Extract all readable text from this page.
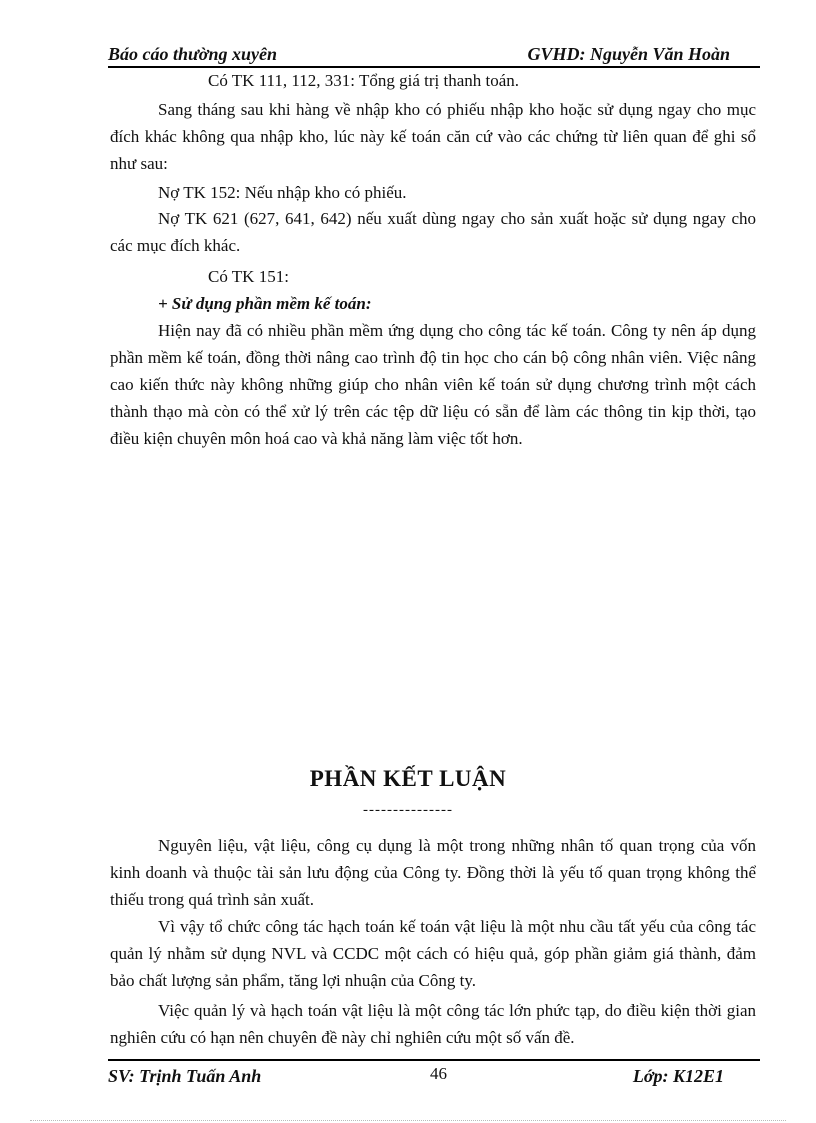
Báo cáo thường xuyên	GVHD: Nguyễn Văn Hoàn

Có TK 111, 112, 331: Tổng giá trị thanh toán.

Sang tháng sau khi hàng về nhập kho có phiếu nhập kho hoặc sử dụng ngay cho mục đích khác không qua nhập kho, lúc này kế toán căn cứ vào các chứng từ liên quan để ghi sổ như sau:

Nợ TK 152: Nếu nhập kho có phiếu.

Nợ TK 621 (627, 641, 642) nếu xuất dùng ngay cho sản xuất hoặc sử dụng ngay cho các mục đích khác.

Có TK 151:

+ Sử dụng phần mềm kế toán:

Hiện nay đã có nhiều phần mềm ứng dụng cho công tác kế toán. Công ty nên áp dụng phần mềm kế toán, đồng thời nâng cao trình độ tin học cho cán bộ công nhân viên. Việc nâng cao kiến thức này không những giúp cho nhân viên kế toán sử dụng chương trình một cách thành thạo mà còn có thể xử lý trên các tệp dữ liệu có sẵn để làm các thông tin kịp thời, tạo điều kiện chuyên môn hoá cao và khả năng làm việc tốt hơn.

PHẦN KẾT LUẬN
---------------

Nguyên liệu, vật liệu, công cụ dụng là một trong những nhân tố quan trọng của vốn kinh doanh và thuộc tài sản lưu động của Công ty. Đồng thời là yếu tố quan trọng không thể thiếu trong quá trình sản xuất.

Vì vậy tổ chức công tác hạch toán kế toán vật liệu là một nhu cầu tất yếu của công tác quản lý nhằm sử dụng NVL và CCDC một cách có hiệu quả, góp phần giảm giá thành, đảm bảo chất lượng sản phẩm, tăng lợi nhuận của Công ty.

Việc quản lý và hạch toán vật liệu là một công tác lớn phức tạp, do điều kiện thời gian nghiên cứu có hạn nên chuyên đề này chỉ nghiên cứu một số vấn đề.

SV: Trịnh Tuấn Anh	46	Lớp: K12E1
